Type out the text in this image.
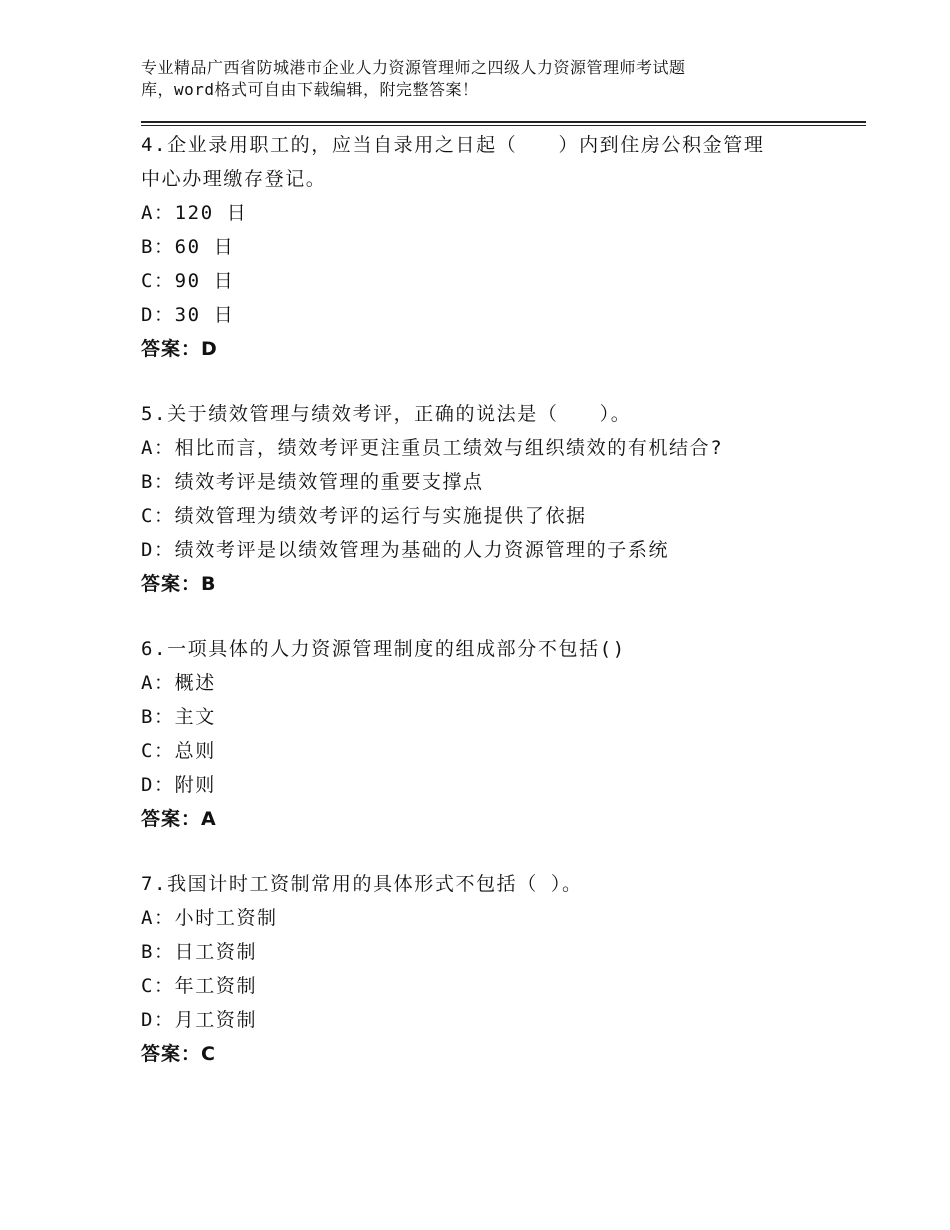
专业精品广西省防城港市企业人力资源管理师之四级人力资源管理师考试题
库，word格式可自由下载编辑，附完整答案！
4.企业录用职工的，应当自录用之日起（　　）内到住房公积金管理
中心办理缴存登记。
A：120 日
B：60 日
C：90 日
D：30 日
答案：D
5.关于绩效管理与绩效考评，正确的说法是（　　）。
A：相比而言，绩效考评更注重员工绩效与组织绩效的有机结合?
B：绩效考评是绩效管理的重要支撑点
C：绩效管理为绩效考评的运行与实施提供了依据
D：绩效考评是以绩效管理为基础的人力资源管理的子系统
答案：B
6.一项具体的人力资源管理制度的组成部分不包括()
A：概述
B：主文
C：总则
D：附则
答案：A
7.我国计时工资制常用的具体形式不包括（ ）。
A：小时工资制
B：日工资制
C：年工资制
D：月工资制
答案：C
